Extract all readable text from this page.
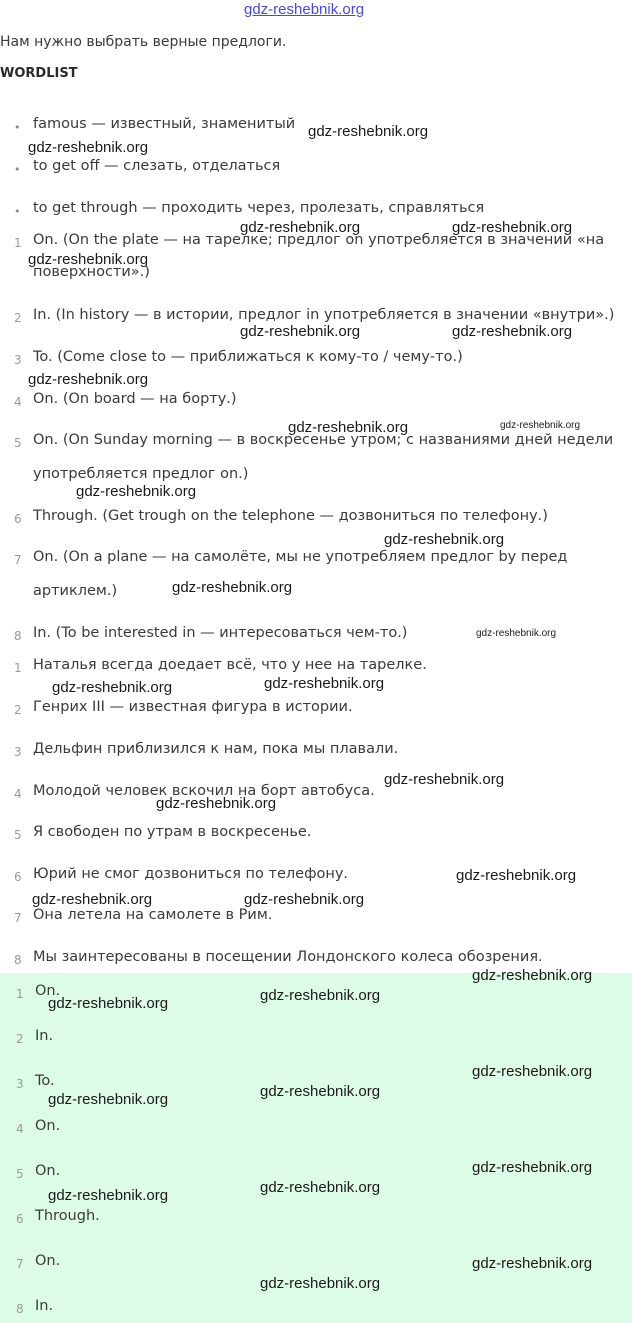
gdz-reshebnik.org
Нам нужно выбрать верные предлоги.
WORDLIST
• famous — известный, знаменитый
• to get off — слезать, отделаться
• to get through — проходить через, пролезать, справляться
1 On. (On the plate — на тарелке; предлог on употребляется в значении «на
поверхности».)
2 In. (In history — в истории, предлог in употребляется в значении «внутри».)
3 To. (Come close to — приближаться к кому-то / чему-то.)
4 On. (On board — на борту.)
5 On. (On Sunday morning — в воскресенье утром; с названиями дней недели
употребляется предлог on.)
6 Through. (Get trough on the telephone — дозвониться по телефону.)
7 On. (On a plane — на самолёте, мы не употребляем предлог by перед
артиклем.)
8 In. (To be interested in — интересоваться чем-то.)
1 Наталья всегда доедает всё, что у нее на тарелке.
2 Генрих III — известная фигура в истории.
3 Дельфин приблизился к нам, пока мы плавали.
4 Молодой человек вскочил на борт автобуса.
5 Я свободен по утрам в воскресенье.
6 Юрий не смог дозвониться по телефону.
7 Она летела на самолете в Рим.
8 Мы заинтересованы в посещении Лондонского колеса обозрения.
1 On.
2 In.
3 To.
4 On.
5 On.
6 Through.
7 On.
8 In.
gdz-reshebnik.org
gdz-reshebnik.org
gdz-reshebnik.org	gdz-reshebnik.org
gdz-reshebnik.org
gdz-reshebnik.org	gdz-reshebnik.org
gdz-reshebnik.org
gdz-reshebnik.org	gdz-reshebnik.org
gdz-reshebnik.org
gdz-reshebnik.org
gdz-reshebnik.org
gdz-reshebnik.org
gdz-reshebnik.org
gdz-reshebnik.org
gdz-reshebnik.org
gdz-reshebnik.org
gdz-reshebnik.org
gdz-reshebnik.org	gdz-reshebnik.org
gdz-reshebnik.org
gdz-reshebnik.org
gdz-reshebnik.org
gdz-reshebnik.org
gdz-reshebnik.org
gdz-reshebnik.org
gdz-reshebnik.org
gdz-reshebnik.org
gdz-reshebnik.org
gdz-reshebnik.org
gdz-reshebnik.org
